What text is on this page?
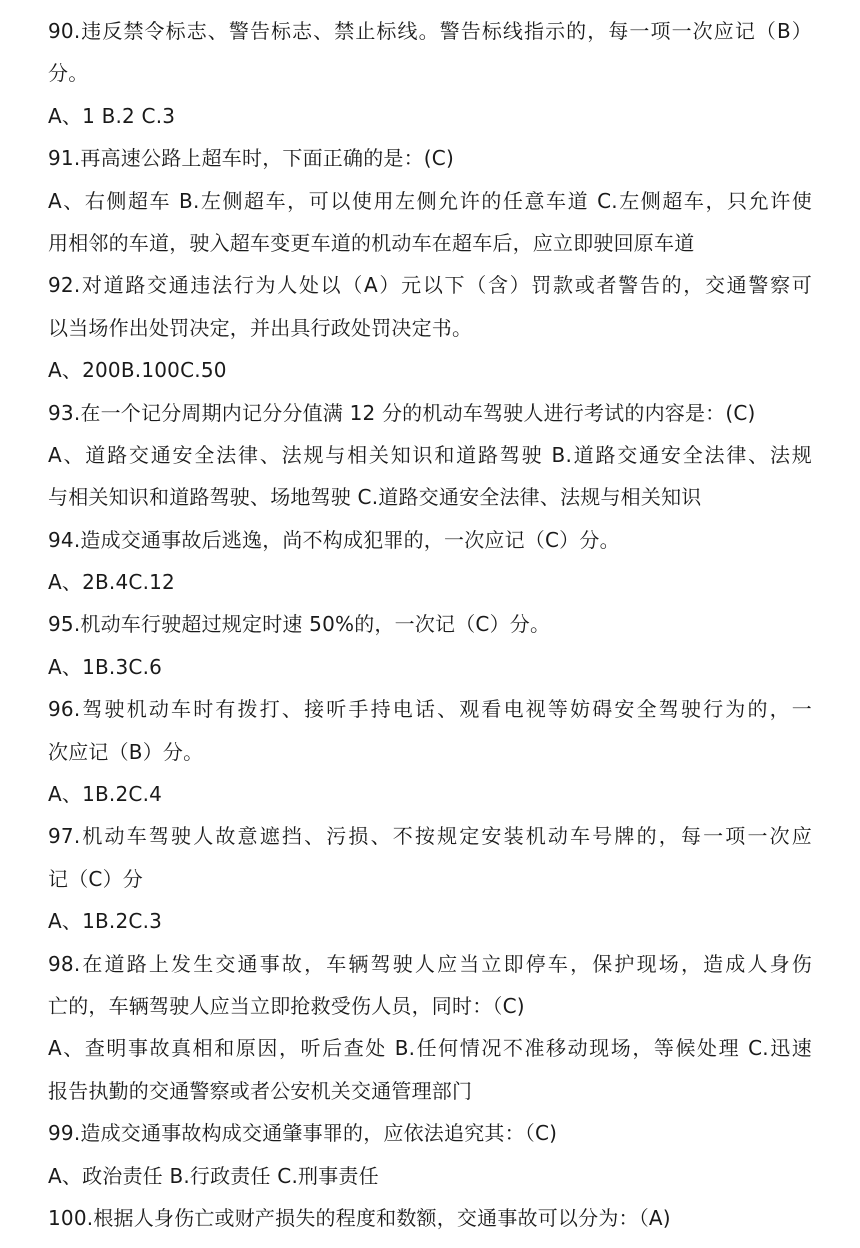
90.违反禁令标志、警告标志、禁止标线。警告标线指示的，每一项一次应记（B）
分。
A、1 B.2 C.3
91.再高速公路上超车时，下面正确的是：(C)
A、右侧超车 B.左侧超车，可以使用左侧允许的任意车道 C.左侧超车，只允许使
用相邻的车道，驶入超车变更车道的机动车在超车后，应立即驶回原车道
92.对道路交通违法行为人处以（A）元以下（含）罚款或者警告的，交通警察可
以当场作出处罚决定，并出具行政处罚决定书。
A、200B.100C.50
93.在一个记分周期内记分分值满 12 分的机动车驾驶人进行考试的内容是：(C)
A、道路交通安全法律、法规与相关知识和道路驾驶 B.道路交通安全法律、法规
与相关知识和道路驾驶、场地驾驶 C.道路交通安全法律、法规与相关知识
94.造成交通事故后逃逸，尚不构成犯罪的，一次应记（C）分。
A、2B.4C.12
95.机动车行驶超过规定时速 50%的，一次记（C）分。
A、1B.3C.6
96.驾驶机动车时有拨打、接听手持电话、观看电视等妨碍安全驾驶行为的，一
次应记（B）分。
A、1B.2C.4
97.机动车驾驶人故意遮挡、污损、不按规定安装机动车号牌的，每一项一次应
记（C）分
A、1B.2C.3
98.在道路上发生交通事故，车辆驾驶人应当立即停车，保护现场，造成人身伤
亡的，车辆驾驶人应当立即抢救受伤人员，同时：（C)
A、查明事故真相和原因，听后查处 B.任何情况不准移动现场，等候处理 C.迅速
报告执勤的交通警察或者公安机关交通管理部门
99.造成交通事故构成交通肇事罪的，应依法追究其：（C)
A、政治责任 B.行政责任 C.刑事责任
100.根据人身伤亡或财产损失的程度和数额，交通事故可以分为：（A)
